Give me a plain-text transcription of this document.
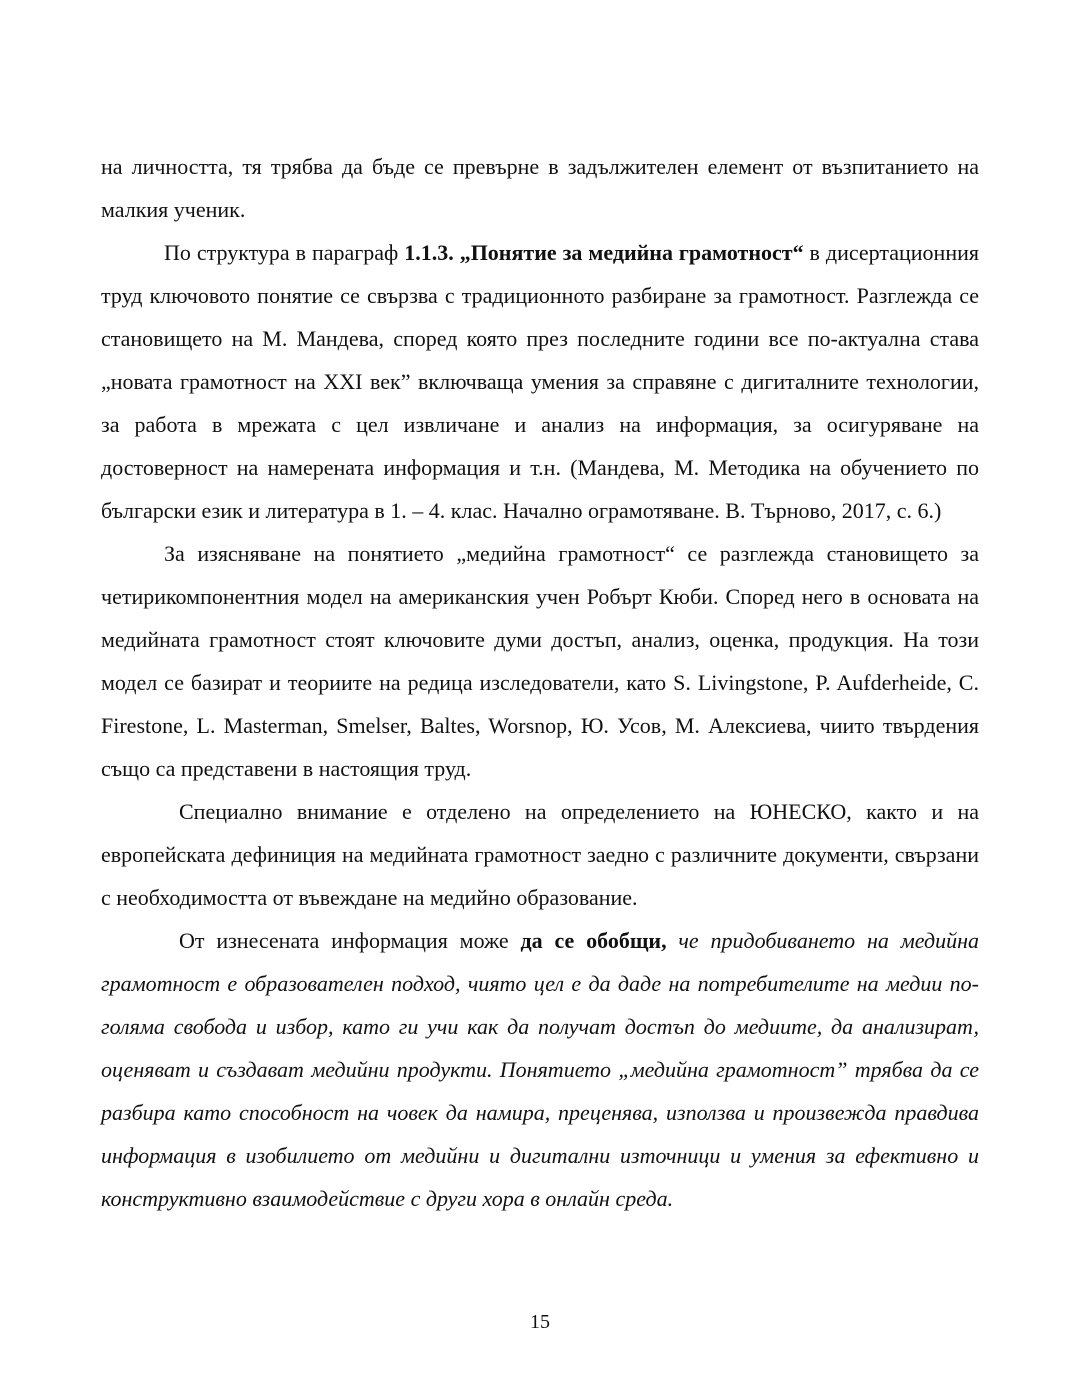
на личността, тя трябва да бъде се превърне в задължителен елемент от възпитанието на малкия ученик.

По структура в параграф 1.1.3. „Понятие за медийна грамотност“ в дисертационния труд ключовото понятие се свързва с традиционното разбиране за грамотност. Разглежда се становището на М. Мандева, според която през последните години все по-актуална става „новата грамотност на XXI век” включваща умения за справяне с дигиталните технологии, за работа в мрежата с цел извличане и анализ на информация, за осигуряване на достоверност на намерената информация и т.н. (Мандева, М. Методика на обучението по български език и литература в 1. – 4. клас. Начално ограмотяване. В. Търново, 2017, с. 6.)

За изясняване на понятието „медийна грамотност“ се разглежда становището за четирикомпонентния модел на американския учен Робърт Кюби. Според него в основата на медийната грамотност стоят ключовите думи достъп, анализ, оценка, продукция. На този модел се базират и теориите на редица изследователи, като S. Livingstone, P. Aufderheide, C. Firestone, L. Masterman, Smelser, Baltes, Worsnop, Ю. Усов, М. Алексиева, чиито твърдения също са представени в настоящия труд.

Специално внимание е отделено на определението на ЮНЕСКО, както и на европейската дефиниция на медийната грамотност заедно с различните документи, свързани с необходимостта от въвеждане на медийно образование.

От изнесената информация може да се обобщи, че придобиването на медийна грамотност е образователен подход, чиято цел е да даде на потребителите на медии по-голяма свобода и избор, като ги учи как да получат достъп до медиите, да анализират, оценяват и създават медийни продукти. Понятието „медийна грамотност” трябва да се разбира като способност на човек да намира, преценява, използва и произвежда правдива информация в изобилието от медийни и дигитални източници и умения за ефективно и конструктивно взаимодействие с други хора в онлайн среда.

15
